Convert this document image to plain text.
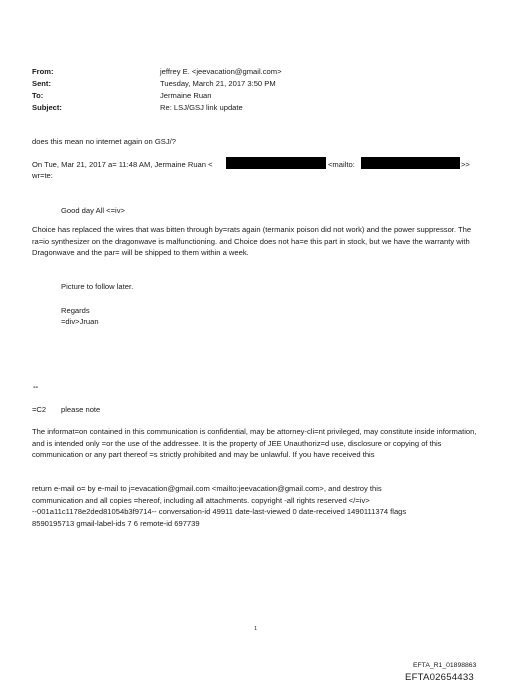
From:	jeffrey E. <jeevacation@gmail.com>
Sent:	Tuesday, March 21, 2017 3:50 PM
To:	Jermaine Ruan
Subject:	Re: LSJ/GSJ link update
does this mean no internet again on GSJ/?
On Tue, Mar 21, 2017 a= 11:48 AM, Jermaine Ruan <	<mailto:	>>
wr=te:
Good day All <=iv>
Choice has replaced the wires that was bitten through by=rats again (termanix poison did not work) and the power suppressor. The ra=io synthesizer on the dragonwave is malfunctioning. and Choice does not ha=e this part in stock, but we have the warranty with Dragonwave and the par= will be shipped to them within a week.
Picture to follow later.
Regards
=div>Jruan
--
=C2 please note
The informat=on contained in this communication is confidential, may be attorney-cli=nt privileged, may constitute inside information, and is intended only =or the use of the addressee. It is the property of JEE Unauthoriz=d use, disclosure or copying of this communication or any part thereof =s strictly prohibited and may be unlawful. If you have received this
return e-mail o= by e-mail to j=evacation@gmail.com <mailto:jeevacation@gmail.com>, and destroy this
communication and all copies =hereof, including all attachments. copyright -all rights reserved </=iv>
--001a11c1178e2ded81054b3f9714-- conversation-id 49911 date-last-viewed 0 date-received 1490111374 flags
8590195713 gmail-label-ids 7 6 remote-id 697739
1
EFTA_R1_01898863
EFTA02654433
